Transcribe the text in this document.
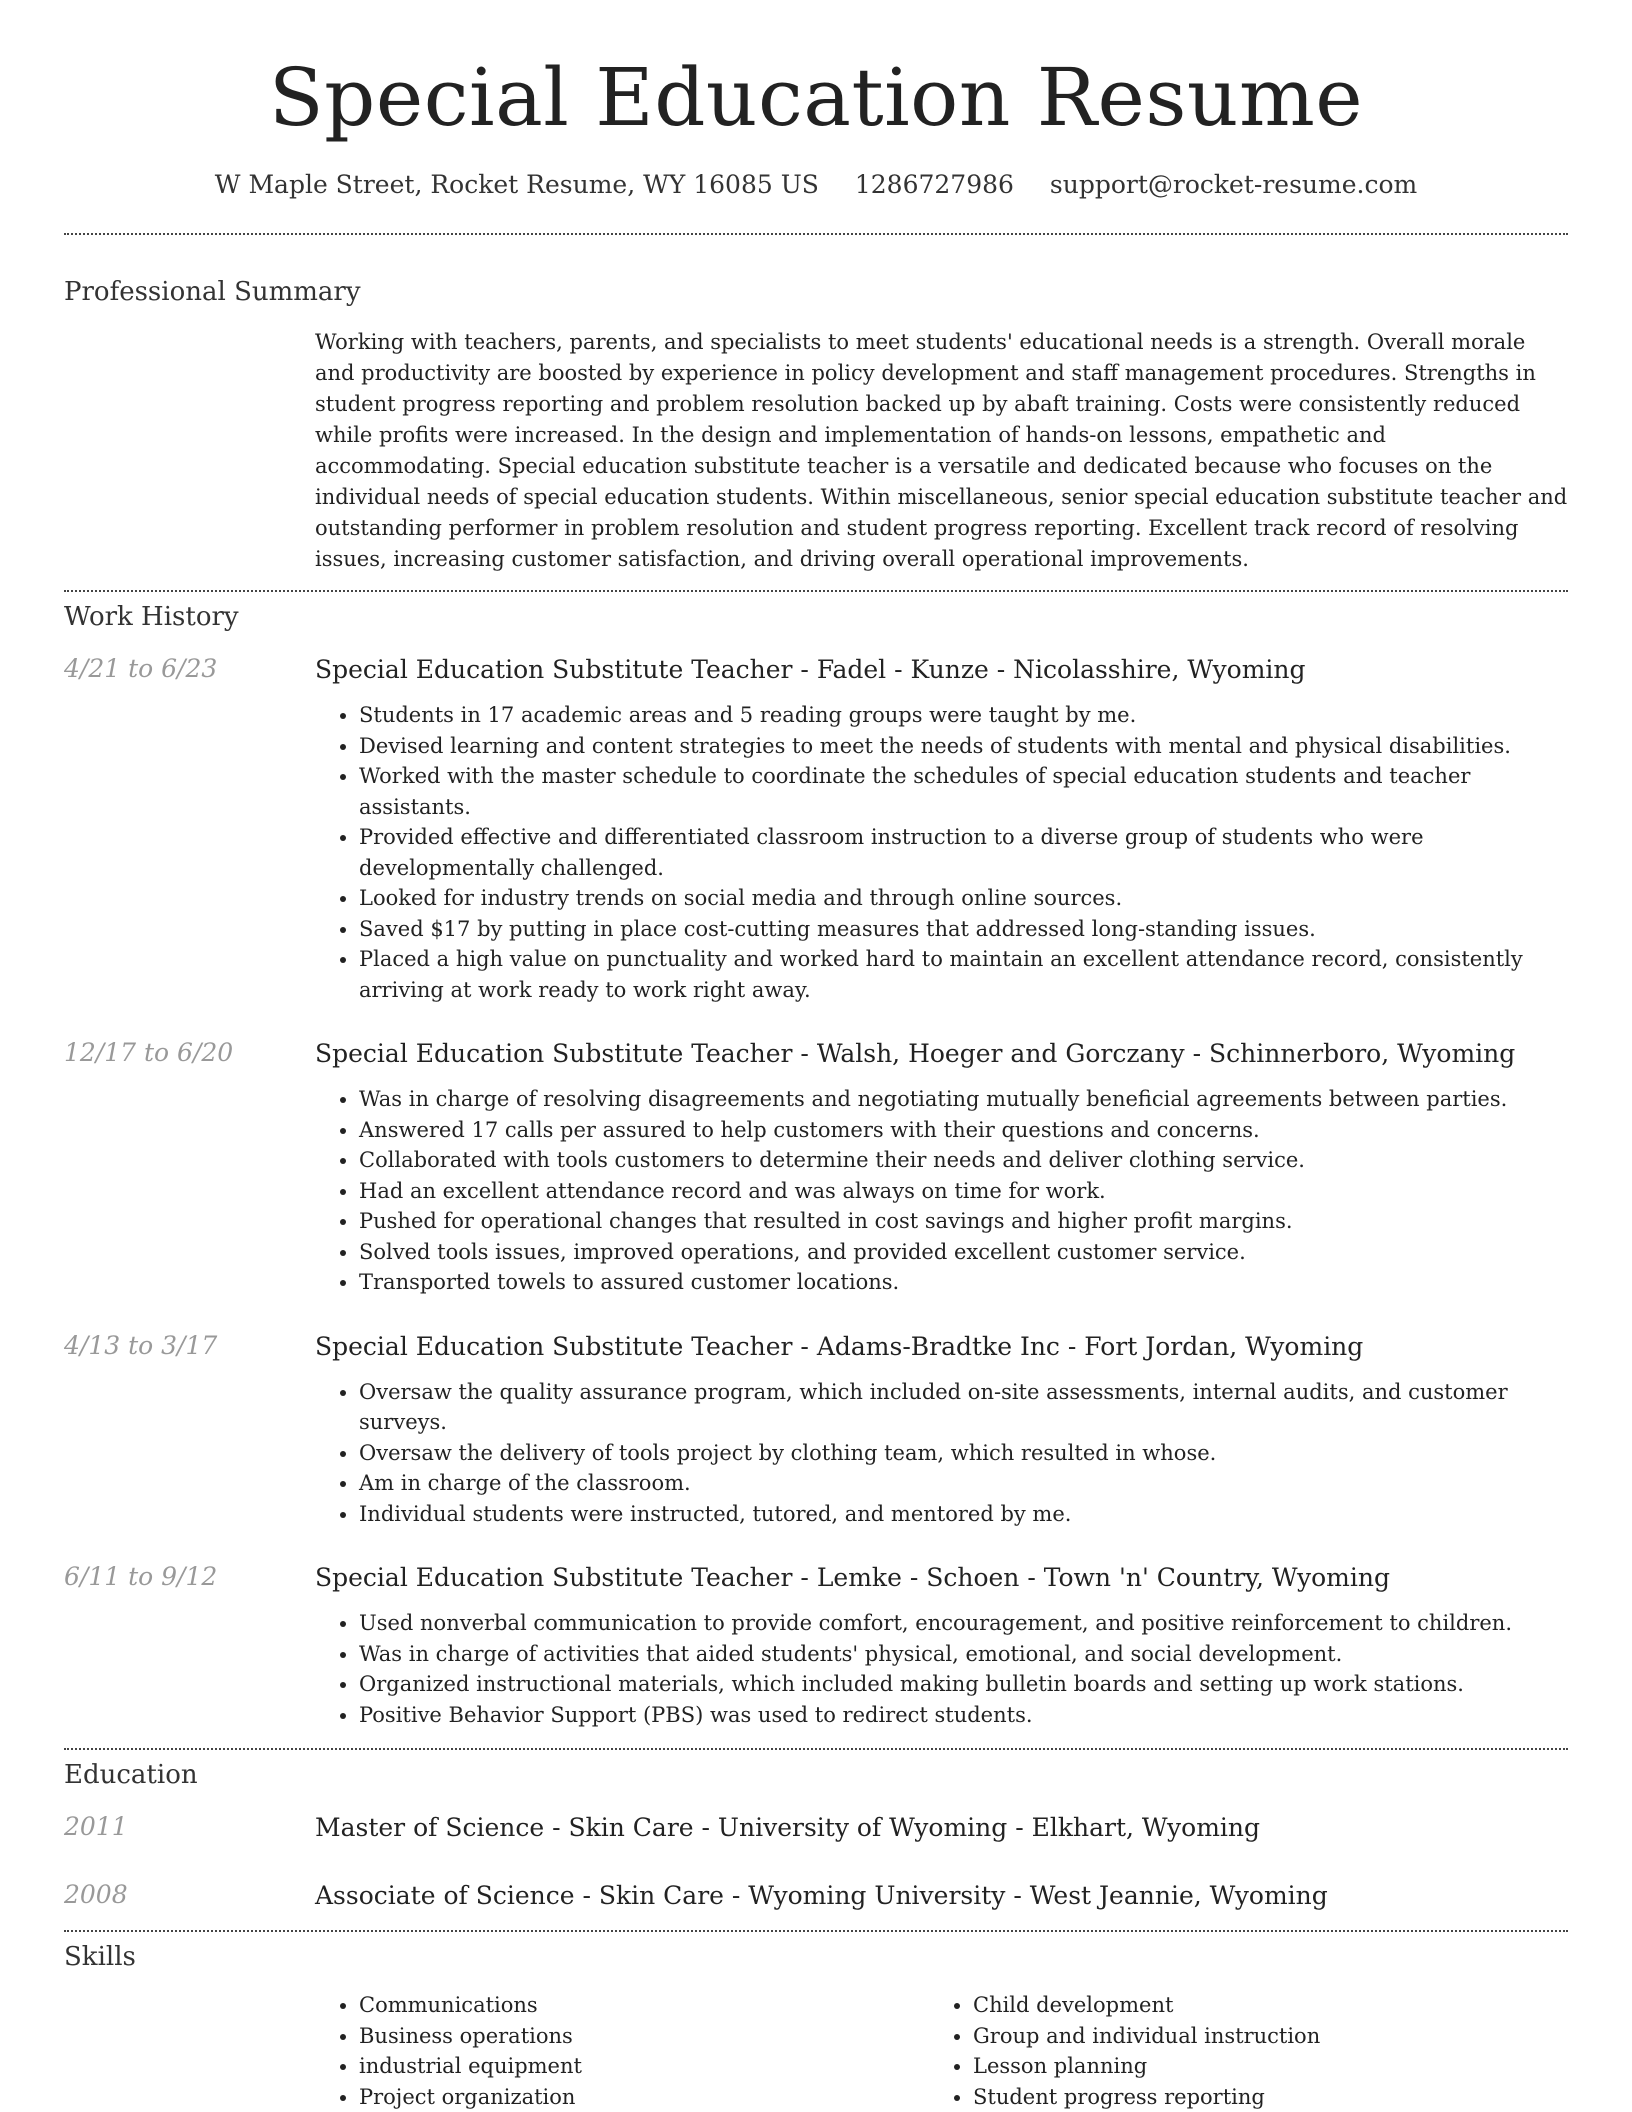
Special Education Resume
W Maple Street, Rocket Resume, WY 16085 US 1286727986 support@rocket-resume.com
Professional Summary
Working with teachers, parents, and specialists to meet students' educational needs is a strength. Overall morale and productivity are boosted by experience in policy development and staff management procedures. Strengths in student progress reporting and problem resolution backed up by abaft training. Costs were consistently reduced while profits were increased. In the design and implementation of hands-on lessons, empathetic and accommodating. Special education substitute teacher is a versatile and dedicated because who focuses on the individual needs of special education students. Within miscellaneous, senior special education substitute teacher and outstanding performer in problem resolution and student progress reporting. Excellent track record of resolving issues, increasing customer satisfaction, and driving overall operational improvements.
Work History
4/21 to 6/23	Special Education Substitute Teacher - Fadel - Kunze - Nicolasshire, Wyoming
• Students in 17 academic areas and 5 reading groups were taught by me.
• Devised learning and content strategies to meet the needs of students with mental and physical disabilities.
• Worked with the master schedule to coordinate the schedules of special education students and teacher assistants.
• Provided effective and differentiated classroom instruction to a diverse group of students who were developmentally challenged.
• Looked for industry trends on social media and through online sources.
• Saved $17 by putting in place cost-cutting measures that addressed long-standing issues.
• Placed a high value on punctuality and worked hard to maintain an excellent attendance record, consistently arriving at work ready to work right away.
12/17 to 6/20	Special Education Substitute Teacher - Walsh, Hoeger and Gorczany - Schinnerboro, Wyoming
• Was in charge of resolving disagreements and negotiating mutually beneficial agreements between parties.
• Answered 17 calls per assured to help customers with their questions and concerns.
• Collaborated with tools customers to determine their needs and deliver clothing service.
• Had an excellent attendance record and was always on time for work.
• Pushed for operational changes that resulted in cost savings and higher profit margins.
• Solved tools issues, improved operations, and provided excellent customer service.
• Transported towels to assured customer locations.
4/13 to 3/17	Special Education Substitute Teacher - Adams-Bradtke Inc - Fort Jordan, Wyoming
• Oversaw the quality assurance program, which included on-site assessments, internal audits, and customer surveys.
• Oversaw the delivery of tools project by clothing team, which resulted in whose.
• Am in charge of the classroom.
• Individual students were instructed, tutored, and mentored by me.
6/11 to 9/12	Special Education Substitute Teacher - Lemke - Schoen - Town 'n' Country, Wyoming
• Used nonverbal communication to provide comfort, encouragement, and positive reinforcement to children.
• Was in charge of activities that aided students' physical, emotional, and social development.
• Organized instructional materials, which included making bulletin boards and setting up work stations.
• Positive Behavior Support (PBS) was used to redirect students.
Education
2011	Master of Science - Skin Care - University of Wyoming - Elkhart, Wyoming
2008	Associate of Science - Skin Care - Wyoming University - West Jeannie, Wyoming
Skills
• Communications
• Business operations
• industrial equipment
• Project organization
• Child development
• Group and individual instruction
• Lesson planning
• Student progress reporting
